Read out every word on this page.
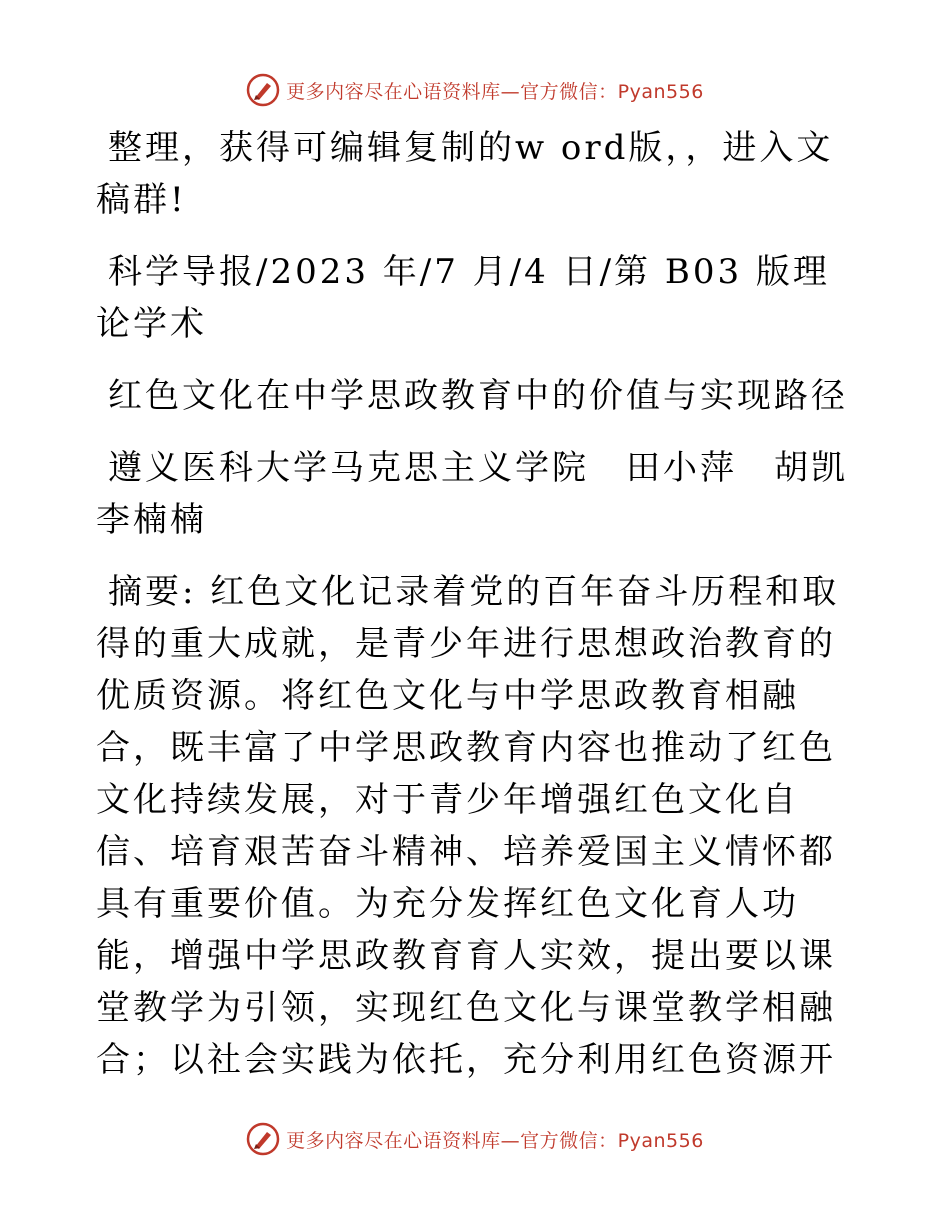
更多内容尽在心语资料库—官方微信：Pyan556

整理，获得可编辑复制的w ord版，，进入文稿群!

科学导报/2023 年/7 月/4 日/第 B03 版理论学术

红色文化在中学思政教育中的价值与实现路径

遵义医科大学马克思主义学院　田小萍　胡凯　李楠楠

摘要: 红色文化记录着党的百年奋斗历程和取得的重大成就，是青少年进行思想政治教育的优质资源。将红色文化与中学思政教育相融合，既丰富了中学思政教育内容也推动了红色文化持续发展，对于青少年增强红色文化自信、培育艰苦奋斗精神、培养爱国主义情怀都具有重要价值。为充分发挥红色文化育人功能，增强中学思政教育育人实效，提出要以课堂教学为引领，实现红色文化与课堂教学相融合；以社会实践为依托，充分利用红色资源开

更多内容尽在心语资料库—官方微信：Pyan556
